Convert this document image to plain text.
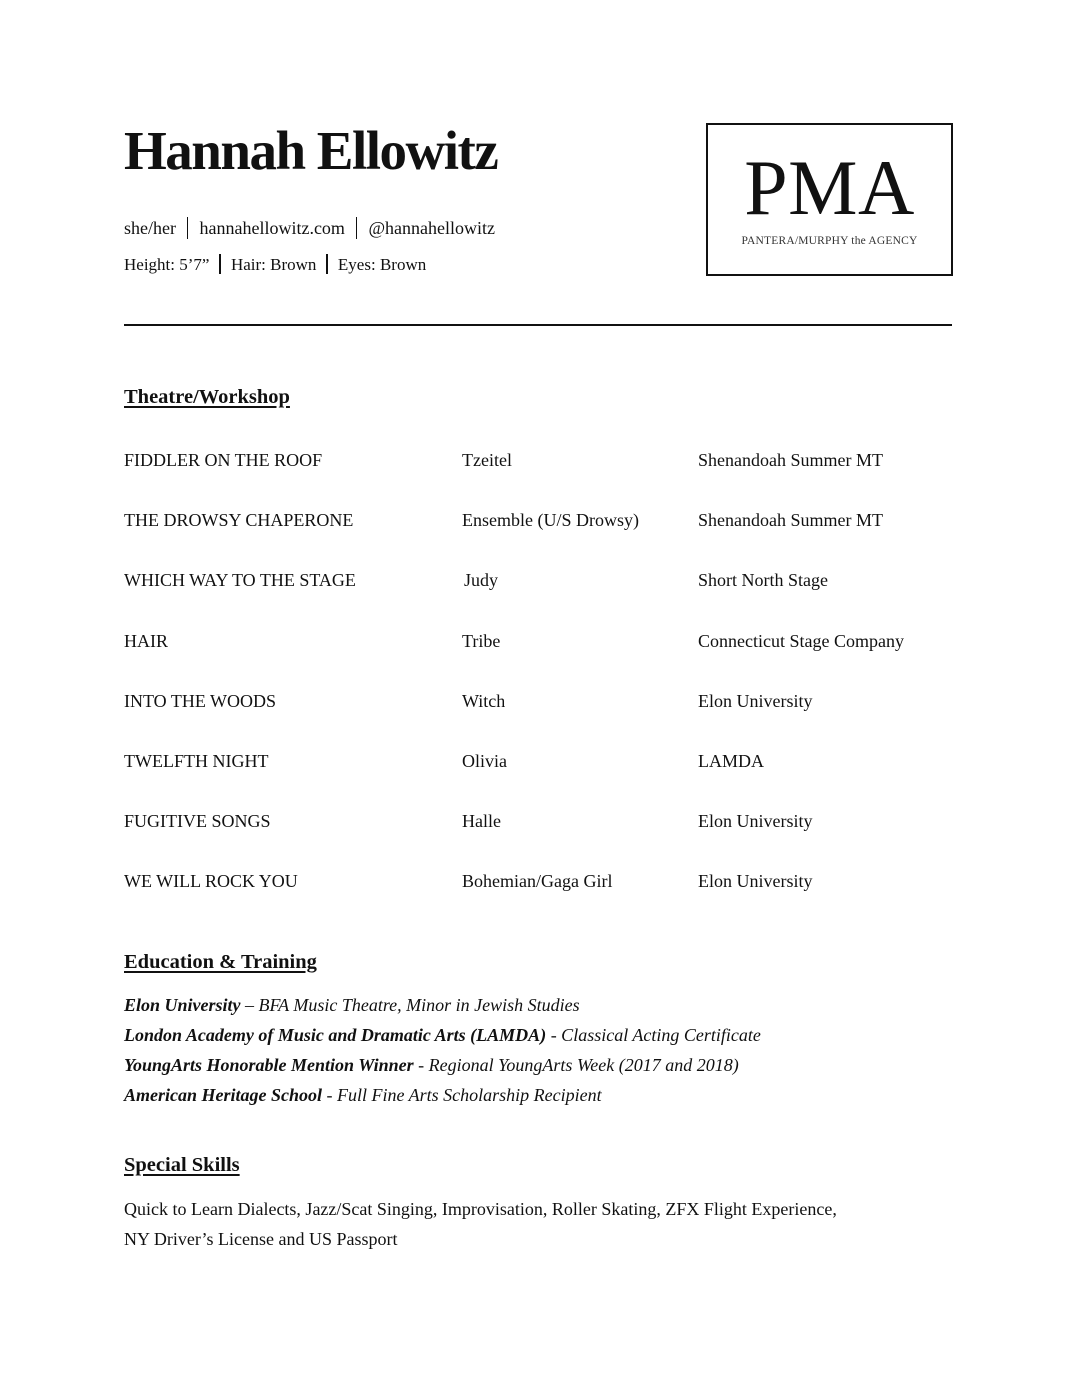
Hannah Ellowitz
she/her hannahellowitz.com @hannahellowitz
Height: 5’7” Hair: Brown Eyes: Brown
PMA
PANTERA/MURPHY the AGENCY
Theatre/Workshop
FIDDLER ON THE ROOF	Tzeitel	Shenandoah Summer MT
THE DROWSY CHAPERONE	Ensemble (U/S Drowsy)	Shenandoah Summer MT
WHICH WAY TO THE STAGE	Judy	Short North Stage
HAIR	Tribe	Connecticut Stage Company
INTO THE WOODS	Witch	Elon University
TWELFTH NIGHT	Olivia	LAMDA
FUGITIVE SONGS	Halle	Elon University
WE WILL ROCK YOU	Bohemian/Gaga Girl	Elon University
Education & Training
Elon University – BFA Music Theatre, Minor in Jewish Studies
London Academy of Music and Dramatic Arts (LAMDA) - Classical Acting Certificate
YoungArts Honorable Mention Winner - Regional YoungArts Week (2017 and 2018)
American Heritage School - Full Fine Arts Scholarship Recipient
Special Skills
Quick to Learn Dialects, Jazz/Scat Singing, Improvisation, Roller Skating, ZFX Flight Experience,
NY Driver’s License and US Passport
